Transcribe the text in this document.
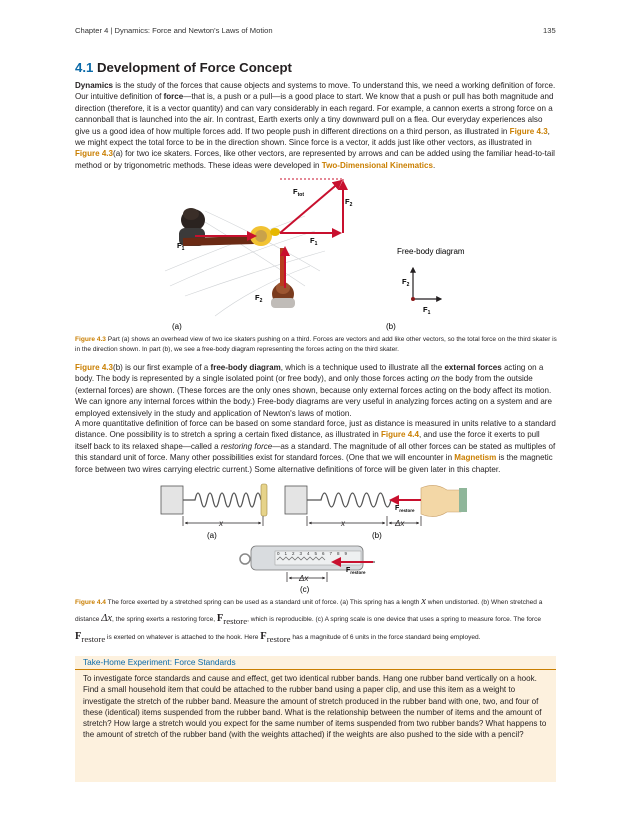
Chapter 4 | Dynamics: Force and Newton's Laws of Motion	135
4.1 Development of Force Concept
Dynamics is the study of the forces that cause objects and systems to move. To understand this, we need a working definition of force. Our intuitive definition of force—that is, a push or a pull—is a good place to start. We know that a push or pull has both magnitude and direction (therefore, it is a vector quantity) and can vary considerably in each regard. For example, a cannon exerts a strong force on a cannonball that is launched into the air. In contrast, Earth exerts only a tiny downward pull on a flea. Our everyday experiences also give us a good idea of how multiple forces add. If two people push in different directions on a third person, as illustrated in Figure 4.3, we might expect the total force to be in the direction shown. Since force is a vector, it adds just like other vectors, as illustrated in Figure 4.3(a) for two ice skaters. Forces, like other vectors, are represented by arrows and can be added using the familiar head-to-tail method or by trigonometric methods. These ideas were developed in Two-Dimensional Kinematics.
$F_{tot}$
$F_2$
$F_1$
$F_1$
$F_2$
(a)
Free-body diagram
$F_2$
$F_1$
(b)
Figure 4.3 Part (a) shows an overhead view of two ice skaters pushing on a third. Forces are vectors and add like other vectors, so the total force on the third skater is in the direction shown. In part (b), we see a free-body diagram representing the forces acting on the third skater.
Figure 4.3(b) is our first example of a free-body diagram, which is a technique used to illustrate all the external forces acting on a body. The body is represented by a single isolated point (or free body), and only those forces acting on the body from the outside (external forces) are shown. (These forces are the only ones shown, because only external forces acting on the body affect its motion. We can ignore any internal forces within the body.) Free-body diagrams are very useful in analyzing forces acting on a system and are employed extensively in the study and application of Newton's laws of motion.
A more quantitative definition of force can be based on some standard force, just as distance is measured in units relative to a standard distance. One possibility is to stretch a spring a certain fixed distance, as illustrated in Figure 4.4, and use the force it exerts to pull itself back to its relaxed shape—called a restoring force—as a standard. The magnitude of all other forces can be stated as multiples of this standard unit of force. Many other possibilities exist for standard forces. (One that we will encounter in Magnetism is the magnetic force between two wires carrying electric current.) Some alternative definitions of force will be given later in this chapter.
x
(a)
$F_{restore}$
x	Δx
(b)
0 1 2 3 4 5 6 7 8 9
$F_{restore}$
Δx
(c)
Figure 4.4 The force exerted by a stretched spring can be used as a standard unit of force. (a) This spring has a length x when undistorted. (b) When stretched a distance Δx, the spring exerts a restoring force, $F_{restore}$, which is reproducible. (c) A spring scale is one device that uses a spring to measure force. The force $F_{restore}$ is exerted on whatever is attached to the hook. Here $F_{restore}$ has a magnitude of 6 units in the force standard being employed.
Take-Home Experiment: Force Standards
To investigate force standards and cause and effect, get two identical rubber bands. Hang one rubber band vertically on a hook. Find a small household item that could be attached to the rubber band using a paper clip, and use this item as a weight to investigate the stretch of the rubber band. Measure the amount of stretch produced in the rubber band with one, two, and four of these (identical) items suspended from the rubber band. What is the relationship between the number of items and the amount of stretch? How large a stretch would you expect for the same number of items suspended from two rubber bands? What happens to the amount of stretch of the rubber band (with the weights attached) if the weights are also pushed to the side with a pencil?
